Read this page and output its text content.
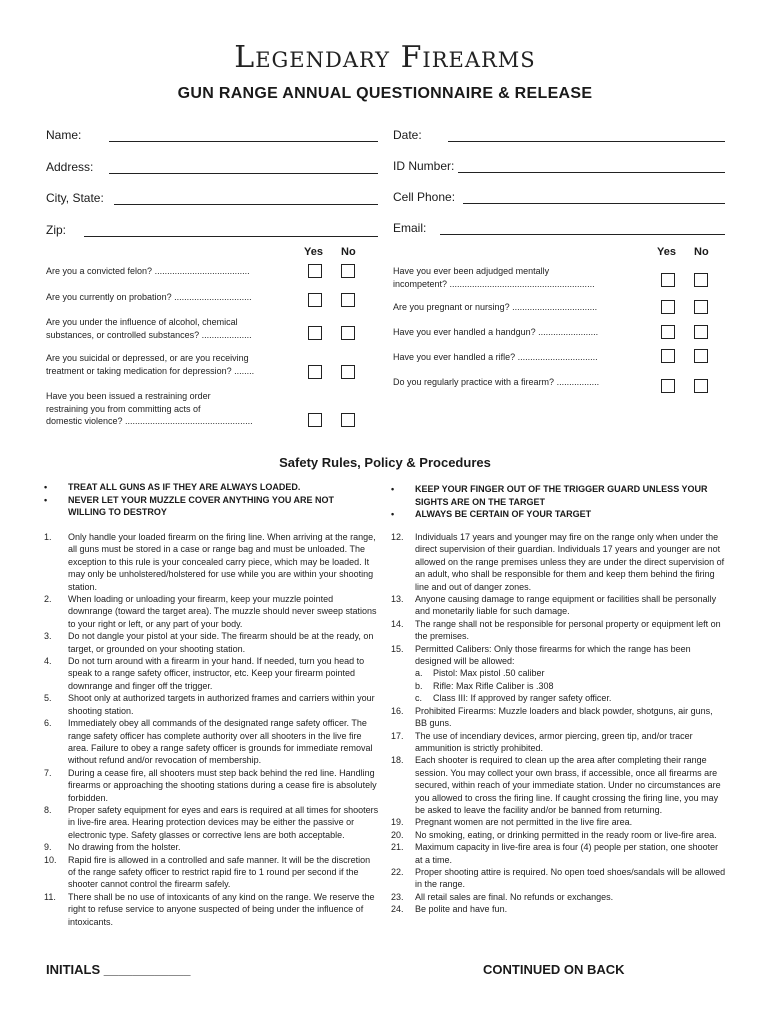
Legendary Firearms
GUN RANGE ANNUAL QUESTIONNAIRE & RELEASE
Name:
Address:
City, State:
Zip:
Date:
ID Number:
Cell Phone:
Email:
Yes No	Yes No
Are you a convicted felon? ......................................
Are you currently on probation? ...............................
Are you under the influence of alcohol, chemical
substances, or controlled substances? ....................
Are you suicidal or depressed, or are you receiving
treatment or taking medication for depression? ........
Have you been issued a restraining order
restraining you from committing acts of
domestic violence? ...................................................
Have you ever been adjudged mentally
incompetent? ..........................................................
Are you pregnant or nursing? ..................................
Have you ever handled a handgun? ........................
Have you ever handled a rifle? ................................
Do you regularly practice with a firearm? .................
Safety Rules, Policy & Procedures
• TREAT ALL GUNS AS IF THEY ARE ALWAYS LOADED.
• NEVER LET YOUR MUZZLE COVER ANYTHING YOU ARE NOT WILLING TO DESTROY
• KEEP YOUR FINGER OUT OF THE TRIGGER GUARD UNLESS YOUR SIGHTS ARE ON THE TARGET
• ALWAYS BE CERTAIN OF YOUR TARGET
1. Only handle your loaded firearm on the firing line. When arriving at the range, all guns must be stored in a case or range bag and must be unloaded. The exception to this rule is your concealed carry piece, which may be loaded. It may only be unholstered/holstered for use while you are within your shooting station.
2. When loading or unloading your firearm, keep your muzzle pointed downrange (toward the target area). The muzzle should never sweep stations to your right or left, or any part of your body.
3. Do not dangle your pistol at your side. The firearm should be at the ready, on target, or grounded on your shooting station.
4. Do not turn around with a firearm in your hand. If needed, turn you head to speak to a range safety officer, instructor, etc. Keep your firearm pointed downrange and finger off the trigger.
5. Shoot only at authorized targets in authorized frames and carriers within your shooting station.
6. Immediately obey all commands of the designated range safety officer. The range safety officer has complete authority over all shooters in the live fire area. Failure to obey a range safety officer is grounds for immediate removal without refund and/or revocation of membership.
7. During a cease fire, all shooters must step back behind the red line. Handling firearms or approaching the shooting stations during a cease fire is absolutely forbidden.
8. Proper safety equipment for eyes and ears is required at all times for shooters in live-fire area. Hearing protection devices may be either the passive or electronic type. Safety glasses or corrective lens are both acceptable.
9. No drawing from the holster.
10. Rapid fire is allowed in a controlled and safe manner. It will be the discretion of the range safety officer to restrict rapid fire to 1 round per second if the shooter cannot control the firearm safely.
11. There shall be no use of intoxicants of any kind on the range. We reserve the right to refuse service to anyone suspected of being under the influence of intoxicants.
12. Individuals 17 years and younger may fire on the range only when under the direct supervision of their guardian. Individuals 17 years and younger are not allowed on the range premises unless they are under the direct supervision of an adult, who shall be responsible for them and keep them behind the firing line and out of danger zones.
13. Anyone causing damage to range equipment or facilities shall be personally and monetarily liable for such damage.
14. The range shall not be responsible for personal property or equipment left on the premises.
15. Permitted Calibers: Only those firearms for which the range has been designed will be allowed:
a. Pistol: Max pistol .50 caliber
b. Rifle: Max Rifle Caliber is .308
c. Class III: If approved by ranger safety officer.
16. Prohibited Firearms: Muzzle loaders and black powder, shotguns, air guns, BB guns.
17. The use of incendiary devices, armor piercing, green tip, and/or tracer ammunition is strictly prohibited.
18. Each shooter is required to clean up the area after completing their range session. You may collect your own brass, if accessible, once all firearms are secured, within reach of your immediate station. Under no circumstances are you allowed to cross the firing line. If caught crossing the firing line, you may be asked to leave the facility and/or be banned from returning.
19. Pregnant women are not permitted in the live fire area.
20. No smoking, eating, or drinking permitted in the ready room or live-fire area.
21. Maximum capacity in live-fire area is four (4) people per station, one shooter at a time.
22. Proper shooting attire is required. No open toed shoes/sandals will be allowed in the range.
23. All retail sales are final. No refunds or exchanges.
24. Be polite and have fun.
INITIALS ____________	CONTINUED ON BACK
